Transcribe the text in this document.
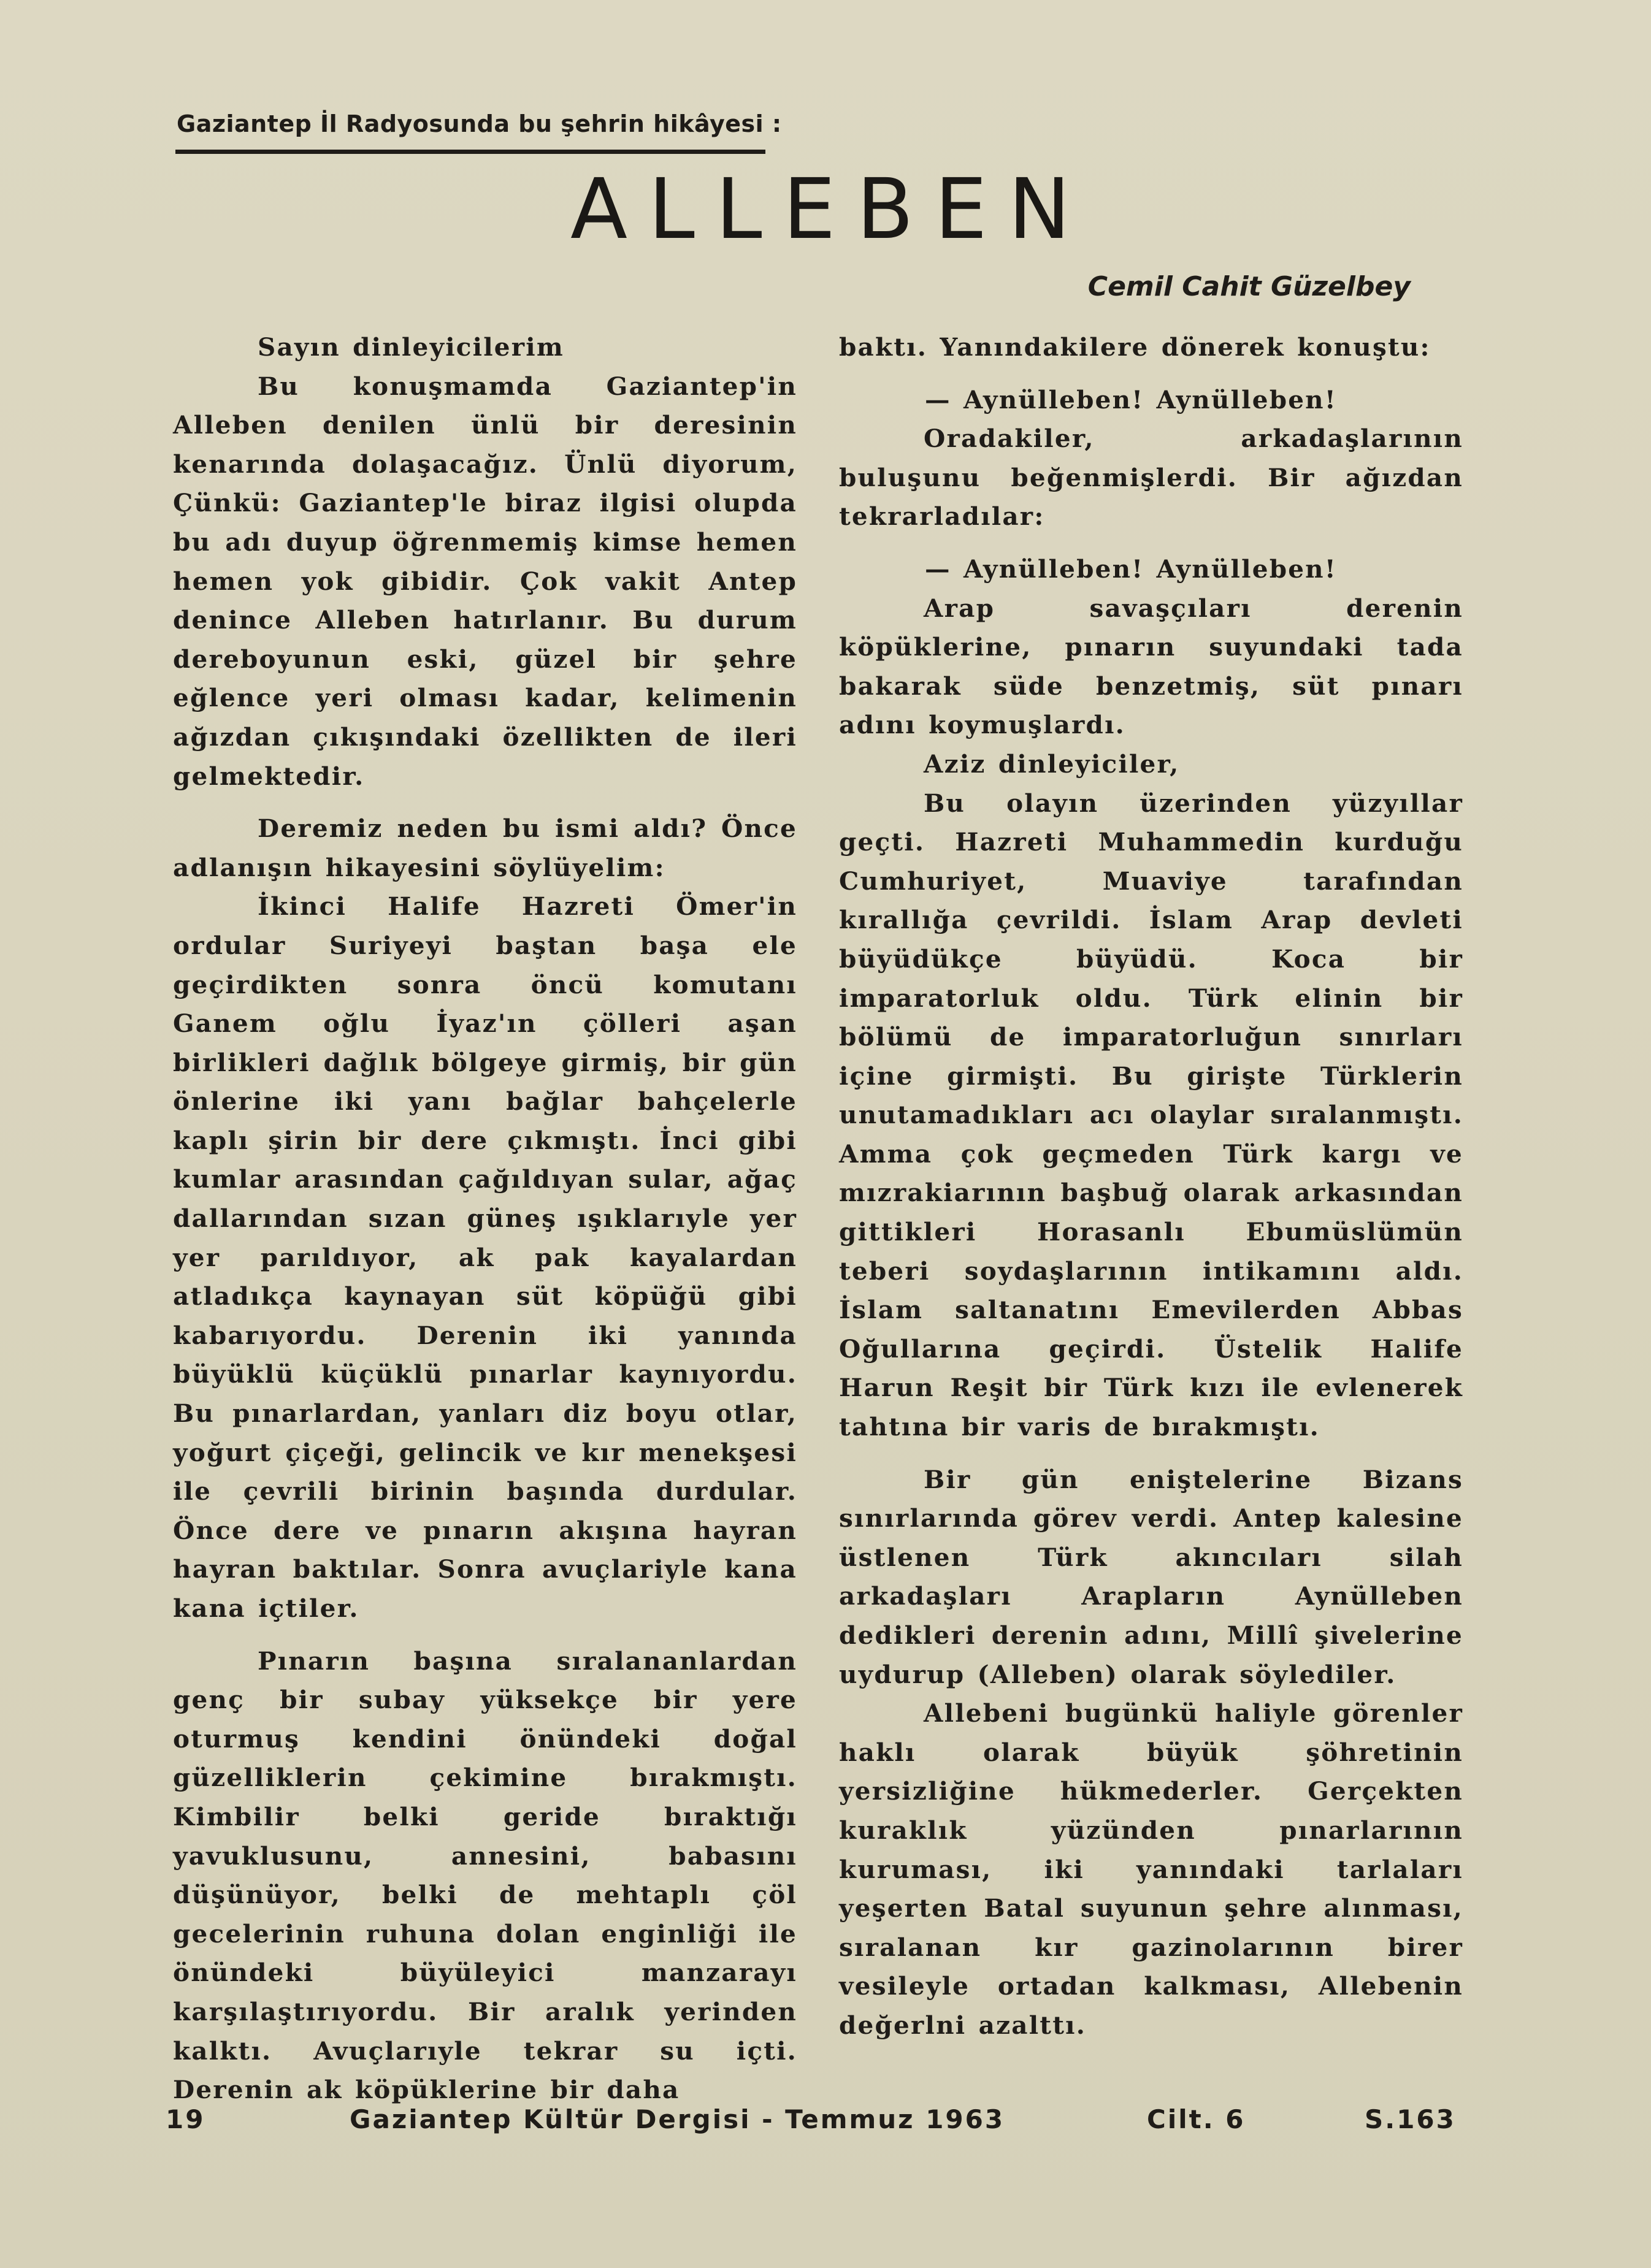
Gaziantep İl Radyosunda bu şehrin hikâyesi :
ALLEBEN
Cemil Cahit Güzelbey

Sayın dinleyicilerim

Bu konuşmamda Gaziantep'in Alleben denilen ünlü bir deresinin kenarında dolaşacağız. Ünlü diyorum, Çünkü: Gaziantep'le biraz ilgisi olupda bu adı duyup öğrenmemiş kimse hemen hemen yok gibidir. Çok vakit Antep denince Alleben hatırlanır. Bu durum dereboyunun eski, güzel bir şehre eğlence yeri olması kadar, kelimenin ağızdan çıkışındaki özellikten de ileri gelmektedir.

Deremiz neden bu ismi aldı? Önce adlanışın hikayesini söylüyelim:

İkinci Halife Hazreti Ömer'in ordular Suriyeyi baştan başa ele geçirdikten sonra öncü komutanı Ganem oğlu İyaz'ın çölleri aşan birlikleri dağlık bölgeye girmiş, bir gün önlerine iki yanı bağlar bahçelerle kaplı şirin bir dere çıkmıştı. İnci gibi kumlar arasından çağıldıyan sular, ağaç dallarından sızan güneş ışıklarıyle yer yer parıldıyor, ak pak kayalardan atladıkça kaynayan süt köpüğü gibi kabarıyordu. Derenin iki yanında büyüklü küçüklü pınarlar kaynıyordu. Bu pınarlardan, yanları diz boyu otlar, yoğurt çiçeği, gelincik ve kır menekşesi ile çevrili birinin başında durdular. Önce dere ve pınarın akışına hayran hayran baktılar. Sonra avuçlariyle kana kana içtiler.

Pınarın başına sıralananlardan genç bir subay yüksekçe bir yere oturmuş kendini önündeki doğal güzelliklerin çekimine bırakmıştı. Kimbilir belki geride bıraktığı yavuklusunu, annesini, babasını düşünüyor, belki de mehtaplı çöl gecelerinin ruhuna dolan enginliği ile önündeki büyüleyici manzarayı karşılaştırıyordu. Bir aralık yerinden kalktı. Avuçlarıyle tekrar su içti. Derenin ak köpüklerine bir daha

baktı. Yanındakilere dönerek konuştu:

— Aynülleben! Aynülleben!

Oradakiler, arkadaşlarının buluşunu beğenmişlerdi. Bir ağızdan tekrarladılar:

— Aynülleben! Aynülleben!

Arap savaşçıları derenin köpüklerine, pınarın suyundaki tada bakarak süde benzetmiş, süt pınarı adını koymuşlardı.

Aziz dinleyiciler,

Bu olayın üzerinden yüzyıllar geçti. Hazreti Muhammedin kurduğu Cumhuriyet, Muaviye tarafından kırallığa çevrildi. İslam Arap devleti büyüdükçe büyüdü. Koca bir imparatorluk oldu. Türk elinin bir bölümü de imparatorluğun sınırları içine girmişti. Bu girişte Türklerin unutamadıkları acı olaylar sıralanmıştı. Amma çok geçmeden Türk kargı ve mızrakiarının başbuğ olarak arkasından gittikleri Horasanlı Ebumüslümün teberi soydaşlarının intikamını aldı. İslam saltanatını Emevilerden Abbas Oğullarına geçirdi. Üstelik Halife Harun Reşit bir Türk kızı ile evlenerek tahtına bir varis de bırakmıştı.

Bir gün eniştelerine Bizans sınırlarında görev verdi. Antep kalesine üstlenen Türk akıncıları silah arkadaşları Arapların Aynülleben dedikleri derenin adını, Millî şivelerine uydurup (Alleben) olarak söylediler.

Allebeni bugünkü haliyle görenler haklı olarak büyük şöhretinin yersizliğine hükmederler. Gerçekten kuraklık yüzünden pınarlarının kuruması, iki yanındaki tarlaları yeşerten Batal suyunun şehre alınması, sıralanan kır gazinolarının birer vesileyle ortadan kalkması, Allebenin değerlni azalttı.

19	Gaziantep Kültür Dergisi - Temmuz 1963	Cilt. 6	S.163
